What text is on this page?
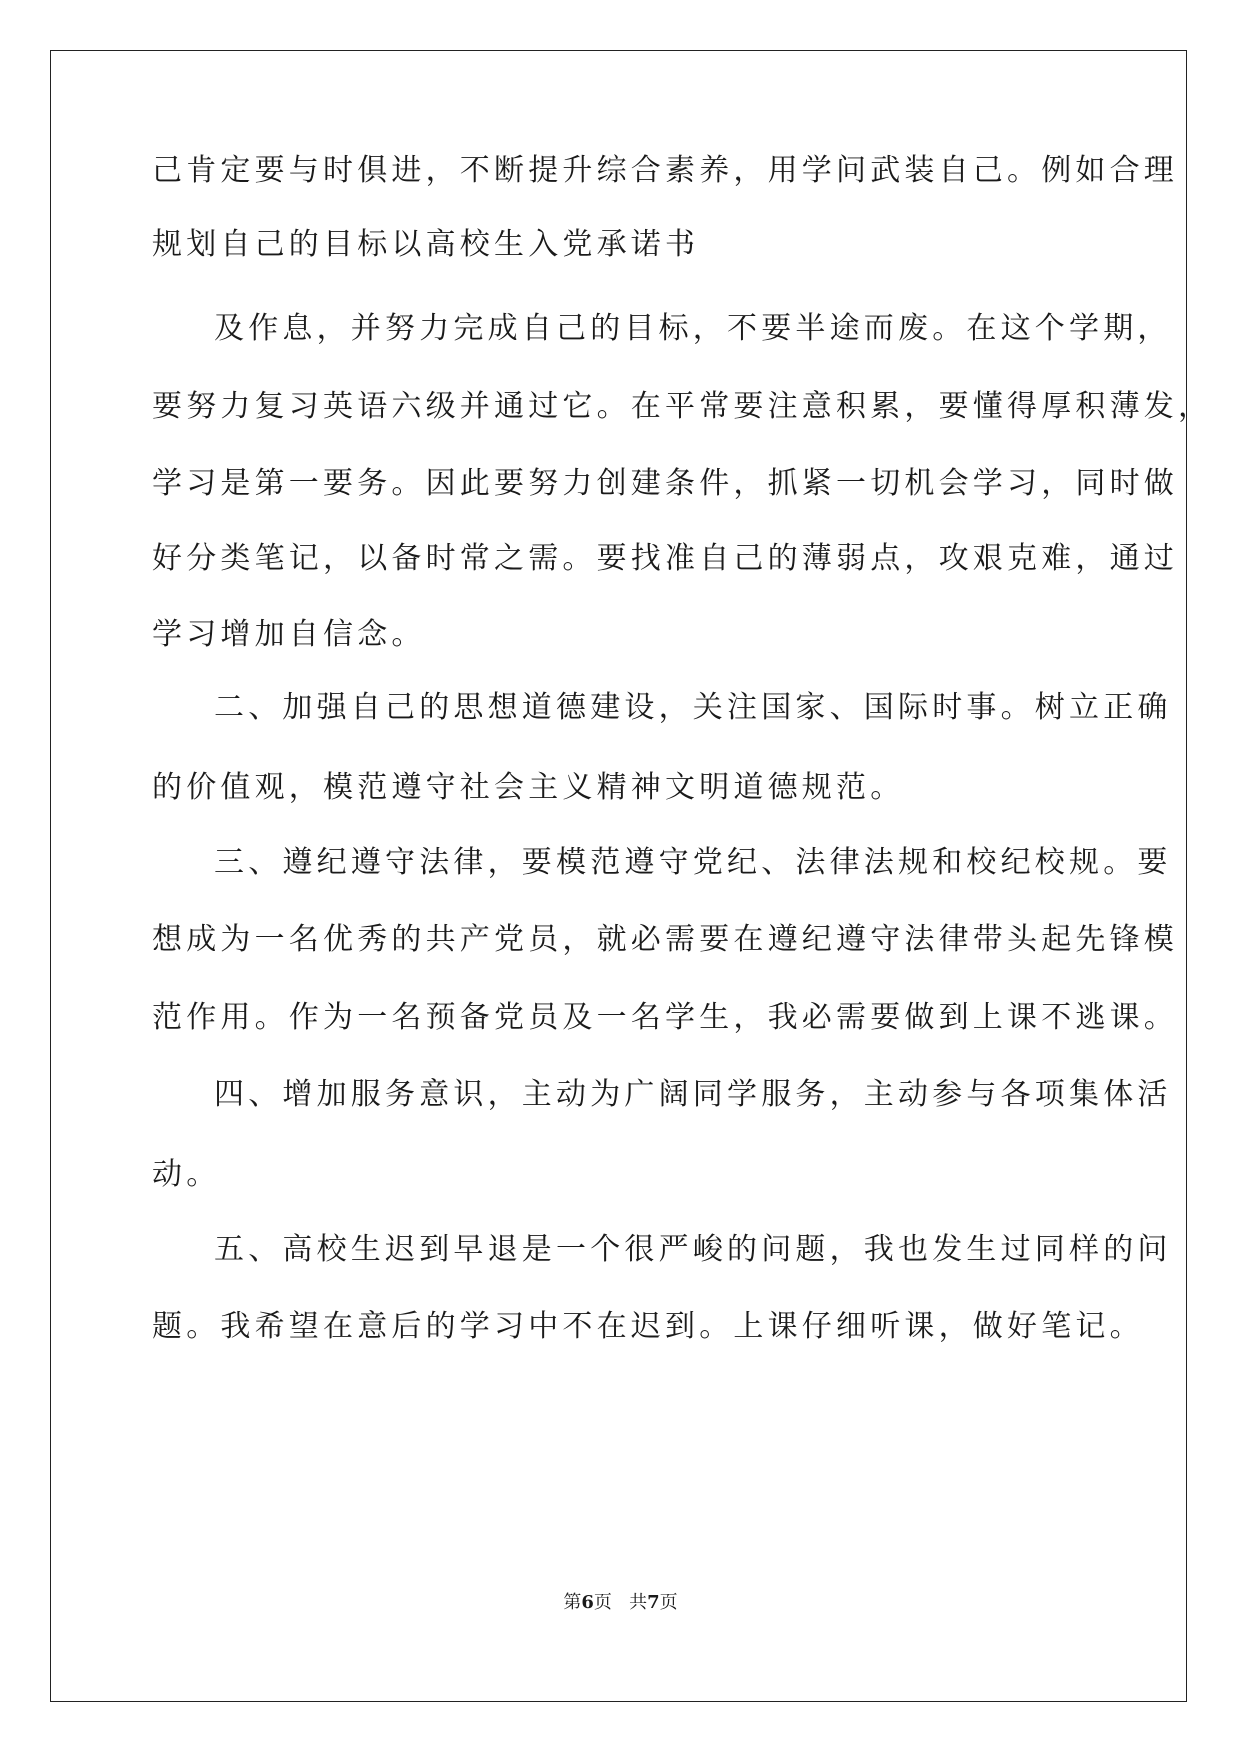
己肯定要与时俱进，不断提升综合素养，用学问武装自己。例如合理
规划自己的目标以高校生入党承诺书
及作息，并努力完成自己的目标，不要半途而废。在这个学期，
要努力复习英语六级并通过它。在平常要注意积累，要懂得厚积薄发，
学习是第一要务。因此要努力创建条件，抓紧一切机会学习，同时做
好分类笔记，以备时常之需。要找准自己的薄弱点，攻艰克难，通过
学习增加自信念。
二、加强自己的思想道德建设，关注国家、国际时事。树立正确
的价值观，模范遵守社会主义精神文明道德规范。
三、遵纪遵守法律，要模范遵守党纪、法律法规和校纪校规。要
想成为一名优秀的共产党员，就必需要在遵纪遵守法律带头起先锋模
范作用。作为一名预备党员及一名学生，我必需要做到上课不逃课。
四、增加服务意识，主动为广阔同学服务，主动参与各项集体活
动。
五、高校生迟到早退是一个很严峻的问题，我也发生过同样的问
题。我希望在意后的学习中不在迟到。上课仔细听课，做好笔记。
第6页 共7页
